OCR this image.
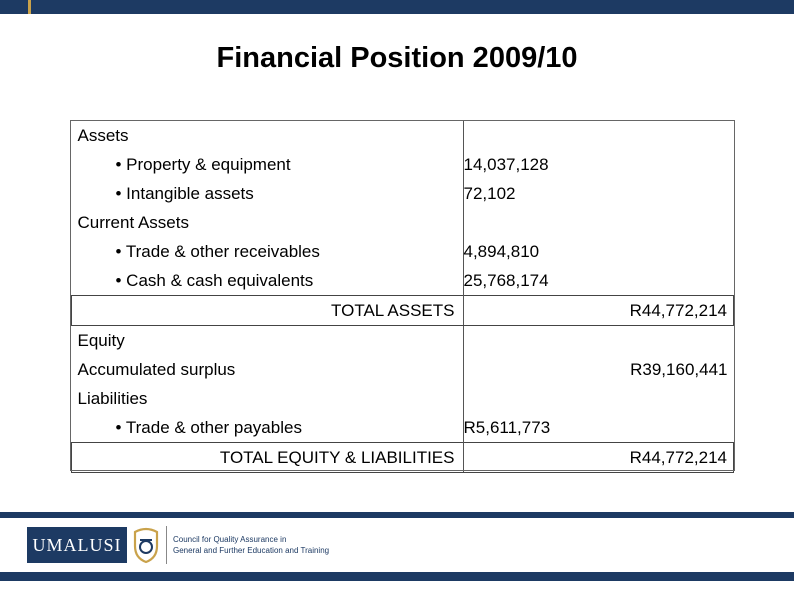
Financial Position 2009/10
Assets	
• Property & equipment	14,037,128
• Intangible assets	72,102
Current Assets	
• Trade & other receivables	4,894,810
• Cash & cash equivalents	25,768,174
TOTAL ASSETS	R44,772,214
Equity	
Accumulated surplus	R39,160,441
Liabilities	
• Trade & other payables	R5,611,773
TOTAL EQUITY & LIABILITIES	R44,772,214
UMALUSI	Council for Quality Assurance in
General and Further Education and Training
